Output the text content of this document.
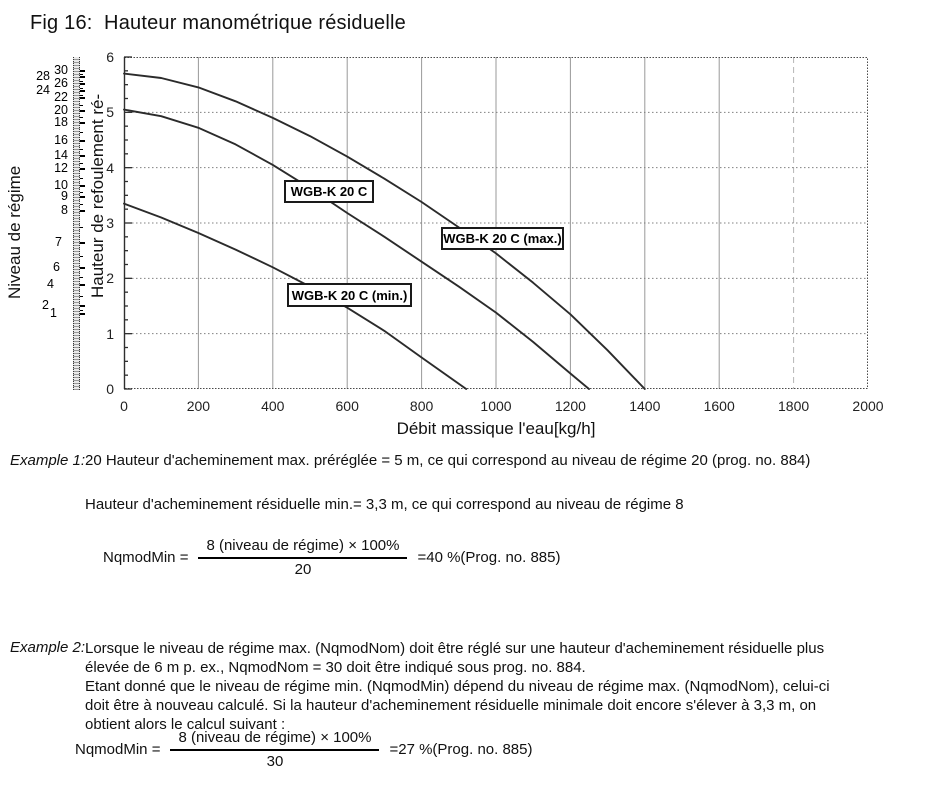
Fig 16:  Hauteur manométrique résiduelle
Niveau de régime	Hauteur de refoulement ré-
Débit massique l'eau[kg/h]
0
1
2
3
4
5
6
0	200	400	600	800	1000	1200	1400	1600	1800	2000
WGB-K 20 C
WGB-K 20 C (max.)
WGB-K 20 C (min.)
30
28 26
24 22
20
18
16
14
12
10
9
8
7
6
4
2
1
Example 1: 20 Hauteur d'acheminement max. préréglée = 5 m, ce qui correspond au niveau de régime 20 (prog. no. 884)
Hauteur d'acheminement résiduelle min.= 3,3 m, ce qui correspond au niveau de régime 8
NqmodMin = $\frac{\text{8 (niveau de régime) × 100\%}}{20} =40$ %(Prog. no. 885)
Example 2: Lorsque le niveau de régime max. (NqmodNom) doit être réglé sur une hauteur d'acheminement résiduelle plus
élevée de 6 m p. ex., NqmodNom = 30 doit être indiqué sous prog. no. 884.
Etant donné que le niveau de régime min. (NqmodMin) dépend du niveau de régime max. (NqmodNom), celui-ci
doit être à nouveau calculé. Si la hauteur d'acheminement résiduelle minimale doit encore s'élever à 3,3 m, on
obtient alors le calcul suivant :
NqmodMin = $\frac{\text{8 (niveau de régime) × 100\%}}{30} =27$ %(Prog. no. 885)
